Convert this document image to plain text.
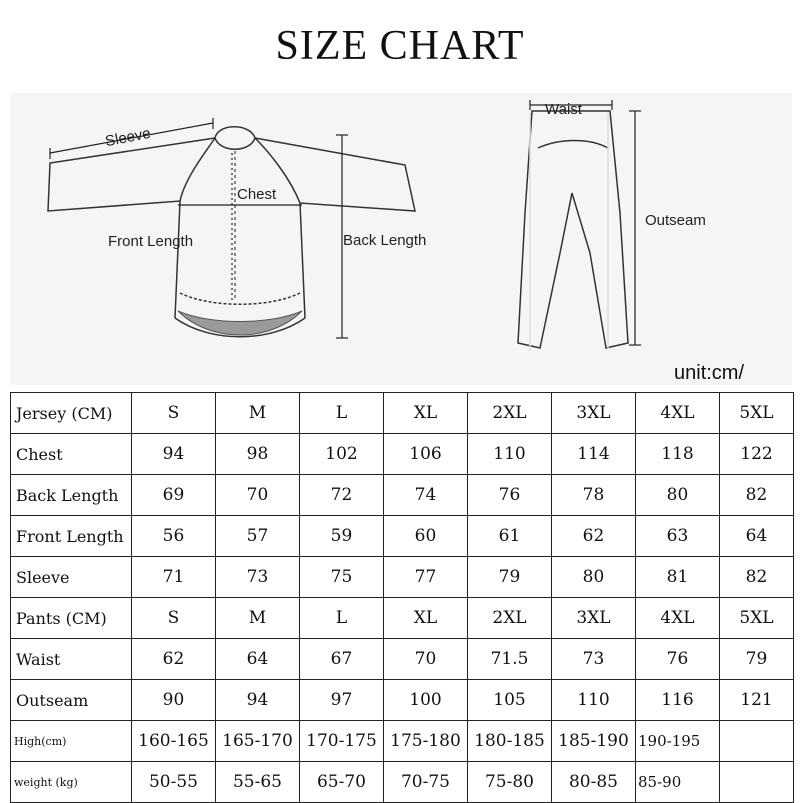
SIZE CHART
Sleeve
Chest
Front Length	Back Length
Waist
Outseam
unit:cm/
Jersey (CM)	S	M	L	XL	2XL	3XL	4XL	5XL
Chest	94	98	102	106	110	114	118	122
Back Length	69	70	72	74	76	78	80	82
Front Length	56	57	59	60	61	62	63	64
Sleeve	71	73	75	77	79	80	81	82
Pants (CM)	S	M	L	XL	2XL	3XL	4XL	5XL
Waist	62	64	67	70	71.5	73	76	79
Outseam	90	94	97	100	105	110	116	121
High(cm)	160-165	165-170	170-175	175-180	180-185	185-190	190-195	
weight (kg)	50-55	55-65	65-70	70-75	75-80	80-85	85-90	
